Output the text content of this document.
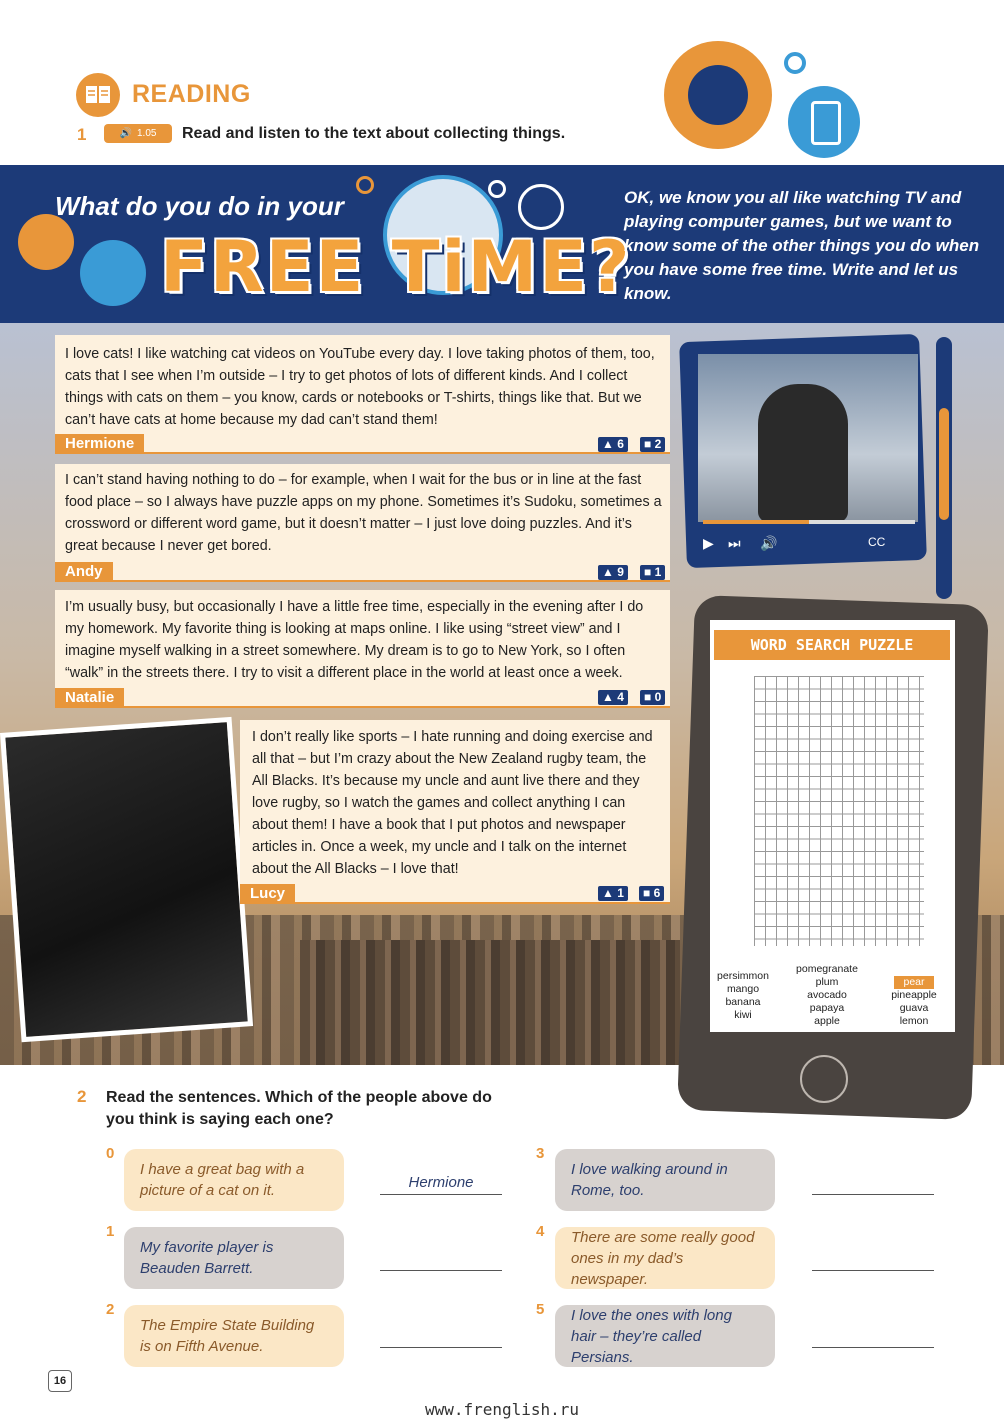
READING
1	🔊 1.05 Read and listen to the text about collecting things.
What do you do in your
FREE TiME?
OK, we know you all like watching TV and playing computer games, but we want to know some of the other things you do when you have some free time. Write and let us know.
I love cats! I like watching cat videos on YouTube every day. I love taking photos of them, too, cats that I see when I’m outside – I try to get photos of lots of different kinds. And I collect things with cats on them – you know, cards or notebooks or T-shirts, things like that. But we can’t have cats at home because my dad can’t stand them!
Hermione	▲ 6	■ 2
I can’t stand having nothing to do – for example, when I wait for the bus or in line at the fast food place – so I always have puzzle apps on my phone. Sometimes it’s Sudoku, sometimes a crossword or different word game, but it doesn’t matter – I just love doing puzzles. And it’s great because I never get bored.
Andy	▲ 9	■ 1
I’m usually busy, but occasionally I have a little free time, especially in the evening after I do my homework. My favorite thing is looking at maps online. I like using “street view” and I imagine myself walking in a street somewhere. My dream is to go to New York, so I often “walk” in the streets there. I try to visit a different place in the world at least once a week.
Natalie	▲ 4	■ 0
I don’t really like sports – I hate running and doing exercise and all that – but I’m crazy about the New Zealand rugby team, the All Blacks. It’s because my uncle and aunt live there and they love rugby, so I watch the games and collect anything I can about them! I have a book that I put photos and newspaper articles in. Once a week, my uncle and I talk on the internet about the All Blacks – I love that!
Lucy	▲ 1	■ 6
▶ ⏭ 🔊	CC
WORD SEARCH PUZZLE
persimmon
mango
banana
kiwi
pomegranate
plum
avocado
papaya
apple
pear
pineapple
guava
lemon
2 Read the sentences. Which of the people above do you think is saying each one?
0
I have a great bag with a picture of a cat on it.	Hermione
1
My favorite player is Beauden Barrett.
2
The Empire State Building is on Fifth Avenue.
3
I love walking around in Rome, too.
4	There are some really good ones in my dad’s newspaper.
5	I love the ones with long hair – they’re called Persians.
16
www.frenglish.ru
